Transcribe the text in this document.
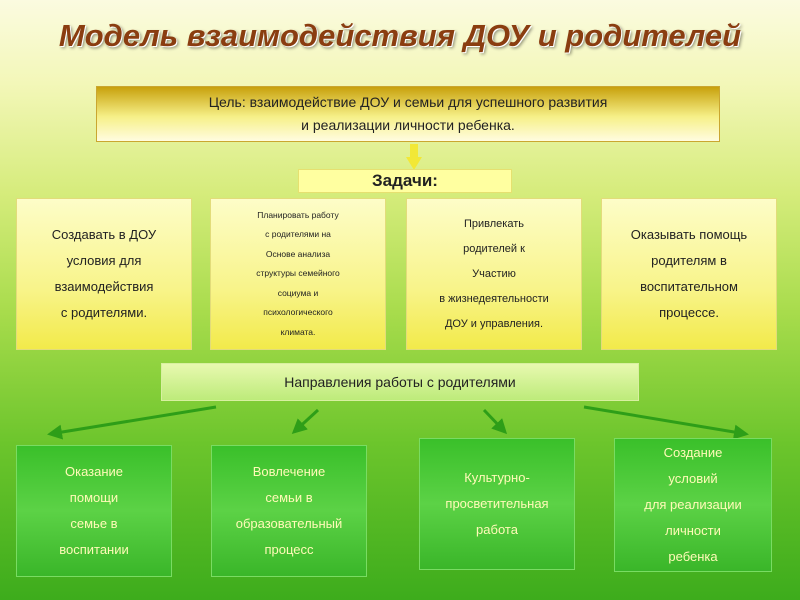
Модель взаимодействия ДОУ и родителей
Цель: взаимодействие ДОУ и семьи для успешного развития
и реализации личности ребенка.
Задачи:
Создавать в ДОУ
условия для
взаимодействия
с родителями.
Планировать работу
с родителями на
Основе анализа
структуры семейного
социума и
психологического
климата.
Привлекать
родителей к
Участию
в жизнедеятельности
ДОУ и управления.
Оказывать помощь
родителям в
воспитательном
процессе.
Направления работы с родителями
Оказание
помощи
семье в
воспитании
Вовлечение
семьи в
образовательный
процесс
Культурно-
просветительная
работа
Создание
условий
для реализации
личности
ребенка
